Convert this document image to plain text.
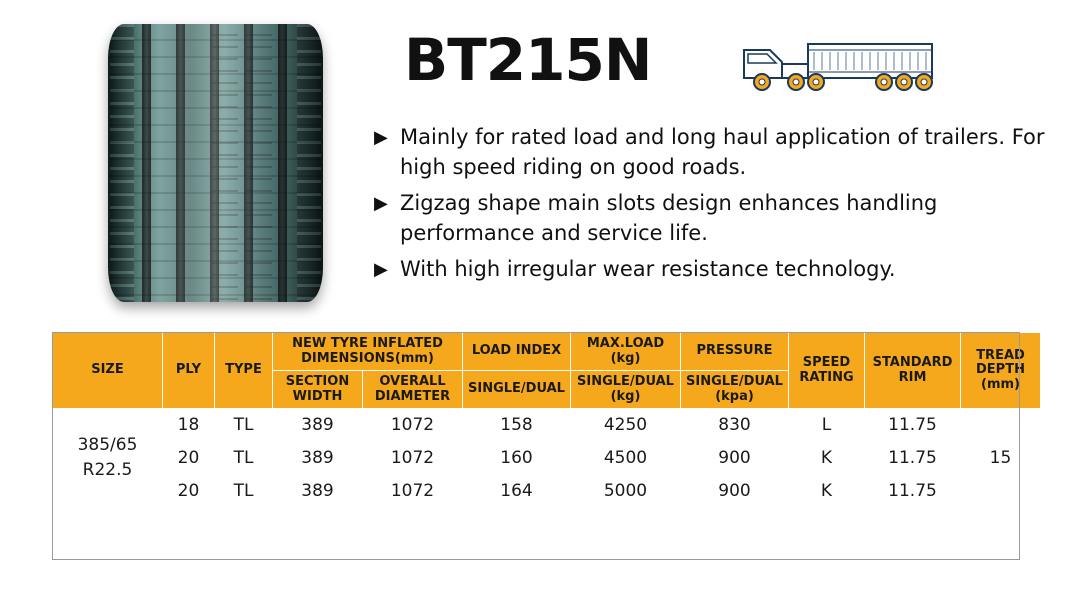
BT215N
▶ Mainly for rated load and long haul application of trailers. For high speed riding on good roads.
▶ Zigzag shape main slots design enhances handling performance and service life.
▶ With high irregular wear resistance technology.
SIZE	PLY	TYPE	NEW TYRE INFLATED DIMENSIONS(mm)		LOAD INDEX	MAX.LOAD (kg)	PRESSURE	SPEED RATING	STANDARD RIM	TREAD DEPTH (mm)
			SECTION WIDTH	OVERALL DIAMETER	SINGLE/DUAL	SINGLE/DUAL (kg)	SINGLE/DUAL (kpa)			
385/65 R22.5	18	TL	389	1072	158	4250	830	L	11.75	15
	20	TL	389	1072	160	4500	900	K	11.75	
	20	TL	389	1072	164	5000	900	K	11.75	
